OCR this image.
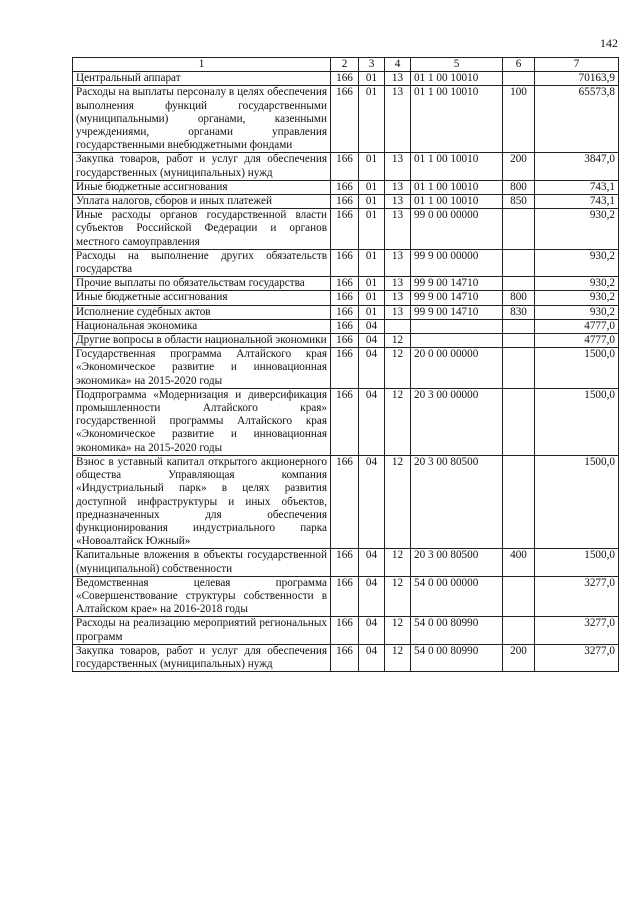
142
1	2	3	4	5	6	7
Центральный аппарат	166	01	13	01 1 00 10010		70163,9
Расходы на выплаты персоналу в целях обеспечения выполнения функций государственными (муниципальными) органами, казенными учреждениями, органами управления государственными внебюджетными фондами	166	01	13	01 1 00 10010	100	65573,8
Закупка товаров, работ и услуг для обеспечения государственных (муниципальных) нужд	166	01	13	01 1 00 10010	200	3847,0
Иные бюджетные ассигнования	166	01	13	01 1 00 10010	800	743,1
Уплата налогов, сборов и иных платежей	166	01	13	01 1 00 10010	850	743,1
Иные расходы органов государственной власти субъектов Российской Федерации и органов местного самоуправления	166	01	13	99 0 00 00000		930,2
Расходы на выполнение других обязательств государства	166	01	13	99 9 00 00000		930,2
Прочие выплаты по обязательствам государства	166	01	13	99 9 00 14710		930,2
Иные бюджетные ассигнования	166	01	13	99 9 00 14710	800	930,2
Исполнение судебных актов	166	01	13	99 9 00 14710	830	930,2
Национальная экономика	166	04				4777,0
Другие вопросы в области национальной экономики	166	04	12			4777,0
Государственная программа Алтайского края «Экономическое развитие и инновационная экономика» на 2015-2020 годы	166	04	12	20 0 00 00000		1500,0
Подпрограмма «Модернизация и диверсификация промышленности Алтайского края» государственной программы Алтайского края «Экономическое развитие и инновационная экономика» на 2015-2020 годы	166	04	12	20 3 00 00000		1500,0
Взнос в уставный капитал открытого акционерного общества Управляющая компания «Индустриальный парк» в целях развития доступной инфраструктуры и иных объектов, предназначенных для обеспечения функционирования индустриального парка «Новоалтайск Южный»	166	04	12	20 3 00 80500		1500,0
Капитальные вложения в объекты государственной (муниципальной) собственности	166	04	12	20 3 00 80500	400	1500,0
Ведомственная целевая программа «Совершенствование структуры собственности в Алтайском крае» на 2016-2018 годы	166	04	12	54 0 00 00000		3277,0
Расходы на реализацию мероприятий региональных программ	166	04	12	54 0 00 80990		3277,0
Закупка товаров, работ и услуг для обеспечения государственных (муниципальных) нужд	166	04	12	54 0 00 80990	200	3277,0
